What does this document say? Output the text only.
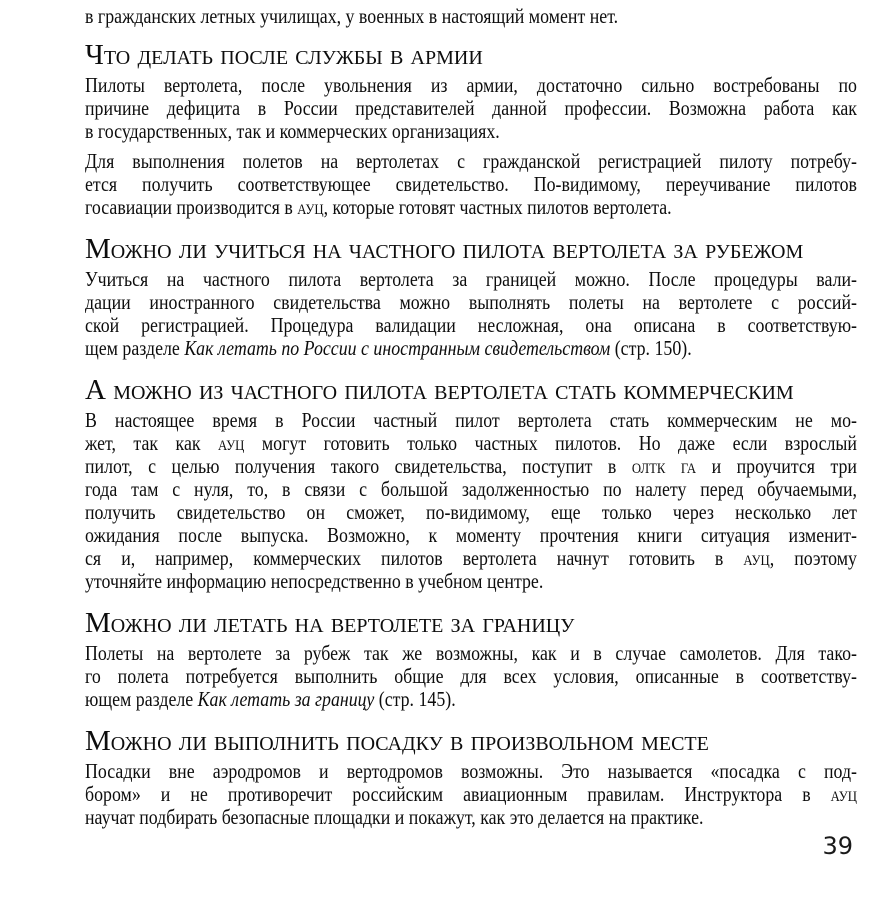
в гражданских летных училищах, у военных в настоящий момент нет.
Что делать после службы в армии
Пилоты вертолета, после увольнения из армии, достаточно сильно востребованы по
причине дефицита в России представителей данной профессии. Возможна работа как
в государственных, так и коммерческих организациях.
Для выполнения полетов на вертолетах с гражданской регистрацией пилоту потребу-
ется получить соответствующее свидетельство. По-видимому, переучивание пилотов
госавиации производится в ауц, которые готовят частных пилотов вертолета.
Можно ли учиться на частного пилота вертолета за рубежом
Учиться на частного пилота вертолета за границей можно. После процедуры вали-
дации иностранного свидетельства можно выполнять полеты на вертолете с россий-
ской регистрацией. Процедура валидации несложная, она описана в соответствую-
щем разделе Как летать по России с иностранным свидетельством (стр. 150).
А можно из частного пилота вертолета стать коммерческим
В настоящее время в России частный пилот вертолета стать коммерческим не мо-
жет, так как ауц могут готовить только частных пилотов. Но даже если взрослый
пилот, с целью получения такого свидетельства, поступит в олтк га и проучится три
года там с нуля, то, в связи с большой задолженностью по налету перед обучаемыми,
получить свидетельство он сможет, по-видимому, еще только через несколько лет
ожидания после выпуска. Возможно, к моменту прочтения книги ситуация изменит-
ся и, например, коммерческих пилотов вертолета начнут готовить в ауц, поэтому
уточняйте информацию непосредственно в учебном центре.
Можно ли летать на вертолете за границу
Полеты на вертолете за рубеж так же возможны, как и в случае самолетов. Для тако-
го полета потребуется выполнить общие для всех условия, описанные в соответству-
ющем разделе Как летать за границу (стр. 145).
Можно ли выполнить посадку в произвольном месте
Посадки вне аэродромов и вертодромов возможны. Это называется «посадка с под-
бором» и не противоречит российским авиационным правилам. Инструктора в ауц
научат подбирать безопасные площадки и покажут, как это делается на практике.
39
